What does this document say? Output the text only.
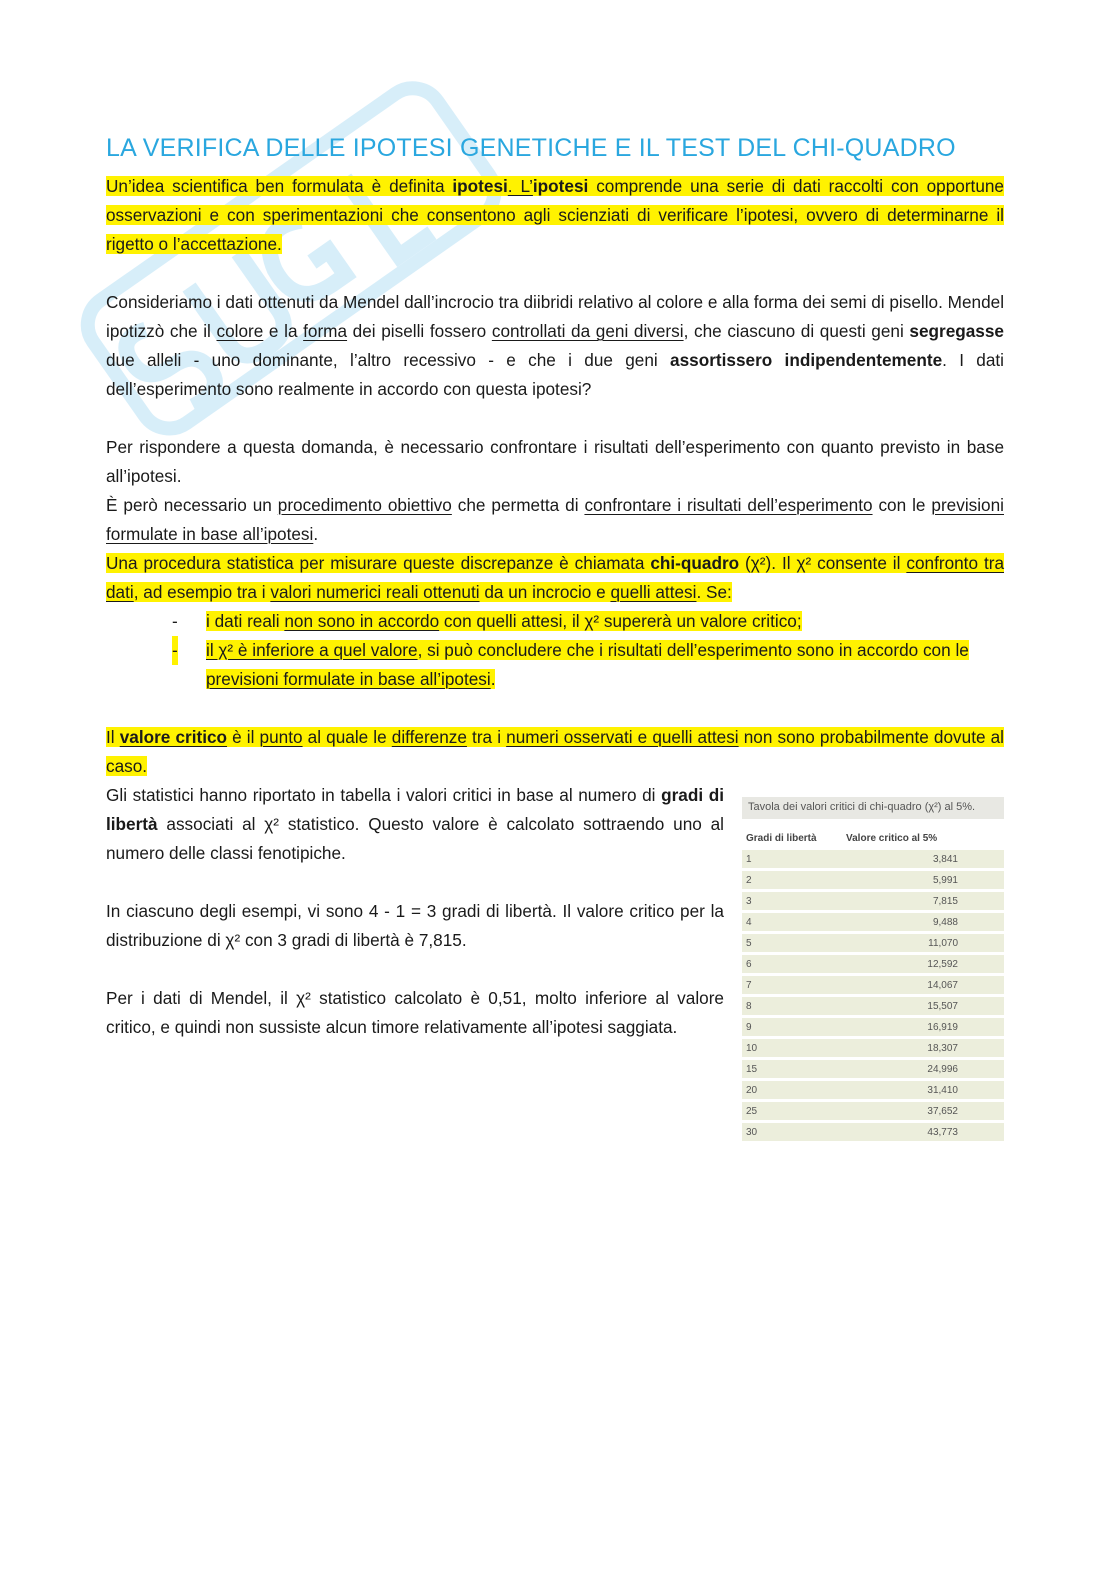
LA VERIFICA DELLE IPOTESI GENETICHE E IL TEST DEL CHI-QUADRO

Un’idea scientifica ben formulata è definita ipotesi. L’ipotesi comprende una serie di dati raccolti con opportune osservazioni e con sperimentazioni che consentono agli scienziati di verificare l’ipotesi, ovvero di determinarne il rigetto o l’accettazione.

Consideriamo i dati ottenuti da Mendel dall’incrocio tra diibridi relativo al colore e alla forma dei semi di pisello. Mendel ipotizzò che il colore e la forma dei piselli fossero controllati da geni diversi, che ciascuno di questi geni segregasse due alleli - uno dominante, l’altro recessivo - e che i due geni assortissero indipendentemente. I dati dell’esperimento sono realmente in accordo con questa ipotesi?

Per rispondere a questa domanda, è necessario confrontare i risultati dell’esperimento con quanto previsto in base all’ipotesi.

È però necessario un procedimento obiettivo che permetta di confrontare i risultati dell’esperimento con le previsioni formulate in base all’ipotesi.

Una procedura statistica per misurare queste discrepanze è chiamata chi-quadro (χ²). Il χ² consente il confronto tra dati, ad esempio tra i valori numerici reali ottenuti da un incrocio e quelli attesi. Se:

- i dati reali non sono in accordo con quelli attesi, il χ² supererà un valore critico;
- il χ² è inferiore a quel valore, si può concludere che i risultati dell’esperimento sono in accordo con le previsioni formulate in base all’ipotesi.

Il valore critico è il punto al quale le differenze tra i numeri osservati e quelli attesi non sono probabilmente dovute al caso.

Gli statistici hanno riportato in tabella i valori critici in base al numero di gradi di libertà associati al χ² statistico. Questo valore è calcolato sottraendo uno al numero delle classi fenotipiche.

In ciascuno degli esempi, vi sono 4 - 1 = 3 gradi di libertà. Il valore critico per la distribuzione di χ² con 3 gradi di libertà è 7,815.

Per i dati di Mendel, il χ² statistico calcolato è 0,51, molto inferiore al valore critico, e quindi non sussiste alcun timore relativamente all’ipotesi saggiata.

Tavola dei valori critici di chi-quadro (χ²) al 5%.
Gradi di libertà	Valore critico al 5%
1	3,841
2	5,991
3	7,815
4	9,488
5	11,070
6	12,592
7	14,067
8	15,507
9	16,919
10	18,307
15	24,996
20	31,410
25	37,652
30	43,773
